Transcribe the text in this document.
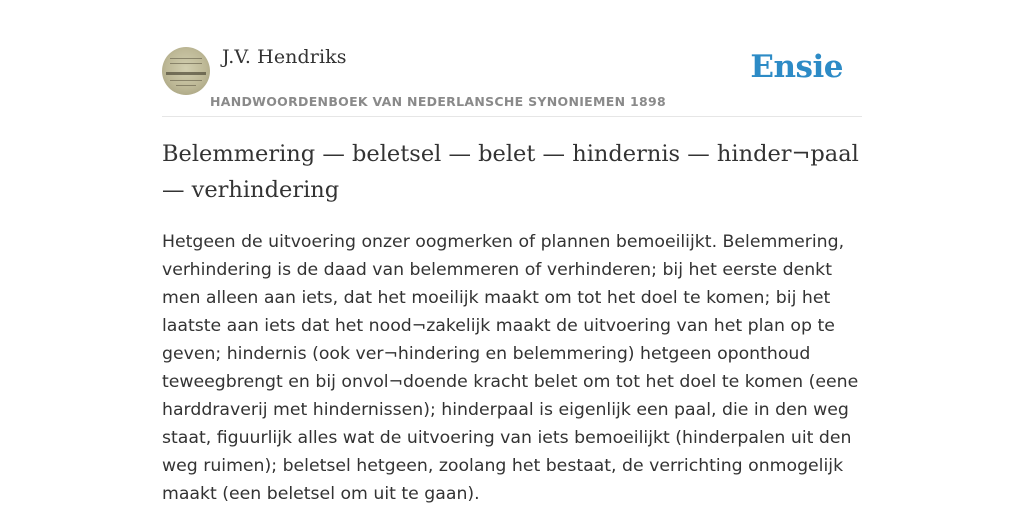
J.V. Hendriks
HANDWOORDENBOEK VAN NEDERLANSCHE SYNONIEMEN 1898
Ensie
Belemmering — beletsel — belet — hindernis — hinder¬paal — verhindering

Hetgeen de uitvoering onzer oogmerken of plannen bemoeilijkt. Belemmering, verhindering is de daad van belemmeren of verhinderen; bij het eerste denkt men alleen aan iets, dat het moeilijk maakt om tot het doel te komen; bij het laatste aan iets dat het nood¬zakelijk maakt de uitvoering van het plan op te geven; hindernis (ook ver¬hindering en belemmering) hetgeen oponthoud teweegbrengt en bij onvol¬doende kracht belet om tot het doel te komen (eene harddraverij met hindernissen); hinderpaal is eigenlijk een paal, die in den weg staat, figuurlijk alles wat de uitvoering van iets bemoeilijkt (hinderpalen uit den weg ruimen); beletsel hetgeen, zoolang het bestaat, de verrichting onmogelijk maakt (een beletsel om uit te gaan).
